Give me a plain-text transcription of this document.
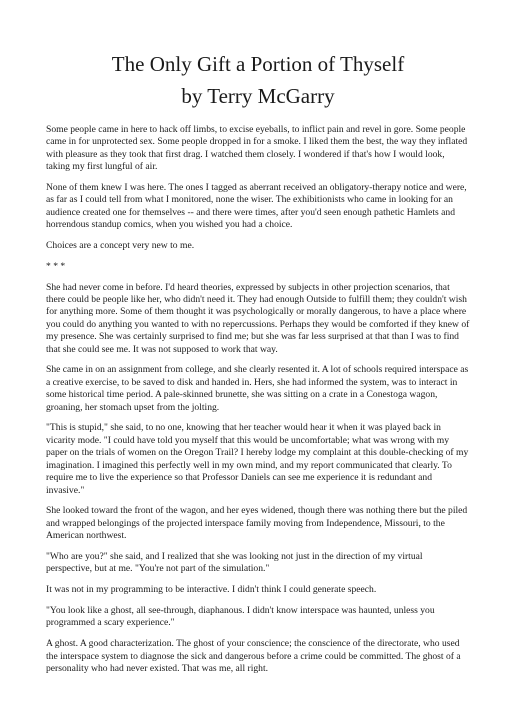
The Only Gift a Portion of Thyself
by Terry McGarry

Some people came in here to hack off limbs, to excise eyeballs, to inflict pain and revel in gore. Some people came in for unprotected sex. Some people dropped in for a smoke. I liked them the best, the way they inflated with pleasure as they took that first drag. I watched them closely. I wondered if that's how I would look, taking my first lungful of air.

None of them knew I was here. The ones I tagged as aberrant received an obligatory-therapy notice and were, as far as I could tell from what I monitored, none the wiser. The exhibitionists who came in looking for an audience created one for themselves -- and there were times, after you'd seen enough pathetic Hamlets and horrendous standup comics, when you wished you had a choice.

Choices are a concept very new to me.

* * *

She had never come in before. I'd heard theories, expressed by subjects in other projection scenarios, that there could be people like her, who didn't need it. They had enough Outside to fulfill them; they couldn't wish for anything more. Some of them thought it was psychologically or morally dangerous, to have a place where you could do anything you wanted to with no repercussions. Perhaps they would be comforted if they knew of my presence. She was certainly surprised to find me; but she was far less surprised at that than I was to find that she could see me. It was not supposed to work that way.

She came in on an assignment from college, and she clearly resented it. A lot of schools required interspace as a creative exercise, to be saved to disk and handed in. Hers, she had informed the system, was to interact in some historical time period. A pale-skinned brunette, she was sitting on a crate in a Conestoga wagon, groaning, her stomach upset from the jolting.

"This is stupid," she said, to no one, knowing that her teacher would hear it when it was played back in vicarity mode. "I could have told you myself that this would be uncomfortable; what was wrong with my paper on the trials of women on the Oregon Trail? I hereby lodge my complaint at this double-checking of my imagination. I imagined this perfectly well in my own mind, and my report communicated that clearly. To require me to live the experience so that Professor Daniels can see me experience it is redundant and invasive."

She looked toward the front of the wagon, and her eyes widened, though there was nothing there but the piled and wrapped belongings of the projected interspace family moving from Independence, Missouri, to the American northwest.

"Who are you?" she said, and I realized that she was looking not just in the direction of my virtual perspective, but at me. "You're not part of the simulation."

It was not in my programming to be interactive. I didn't think I could generate speech.

"You look like a ghost, all see-through, diaphanous. I didn't know interspace was haunted, unless you programmed a scary experience."

A ghost. A good characterization. The ghost of your conscience; the conscience of the directorate, who used the interspace system to diagnose the sick and dangerous before a crime could be committed. The ghost of a personality who had never existed. That was me, all right.
